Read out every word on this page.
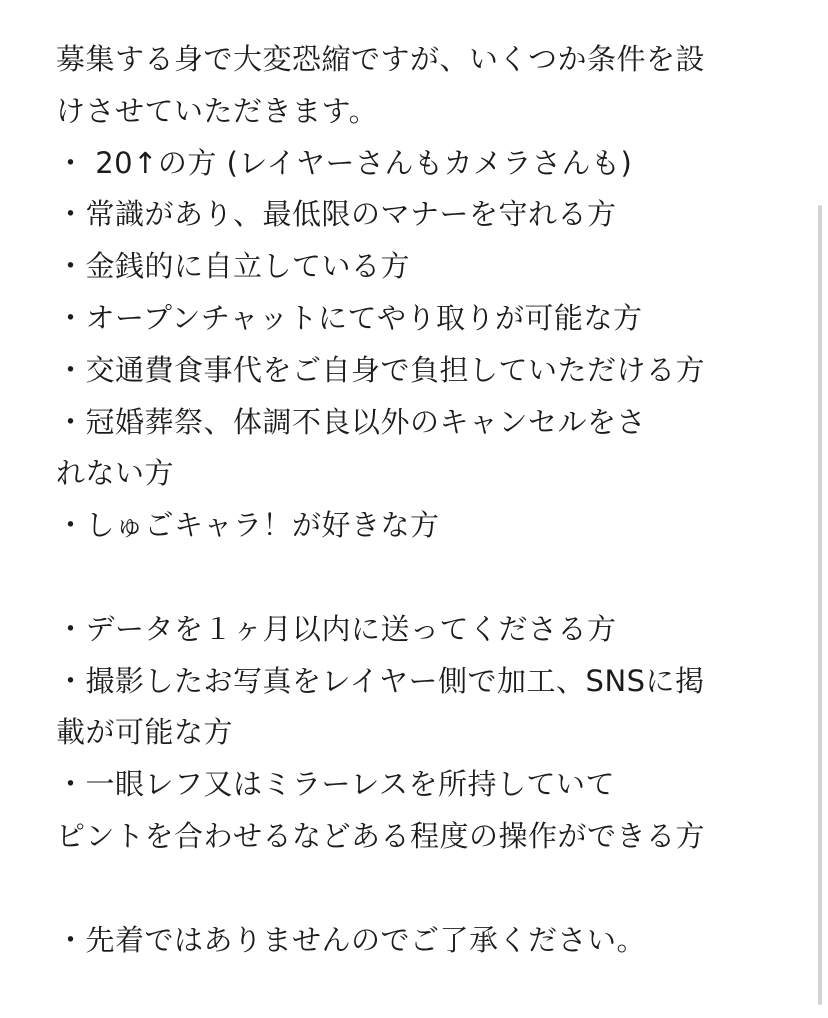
募集する身で大変恐縮ですが、いくつか条件を設
けさせていただきます。
・ 20↑の方 (レイヤーさんもカメラさんも)
・常識があり、最低限のマナーを守れる方
・金銭的に自立している方
・オープンチャットにてやり取りが可能な方
・交通費食事代をご自身で負担していただける方
・冠婚葬祭、体調不良以外のキャンセルをさ
れない方
・しゅごキャラ！が好きな方
・データを１ヶ月以内に送ってくださる方
・撮影したお写真をレイヤー側で加工、SNSに掲
載が可能な方
・一眼レフ又はミラーレスを所持していて
ピントを合わせるなどある程度の操作ができる方
・先着ではありませんのでご了承ください。
